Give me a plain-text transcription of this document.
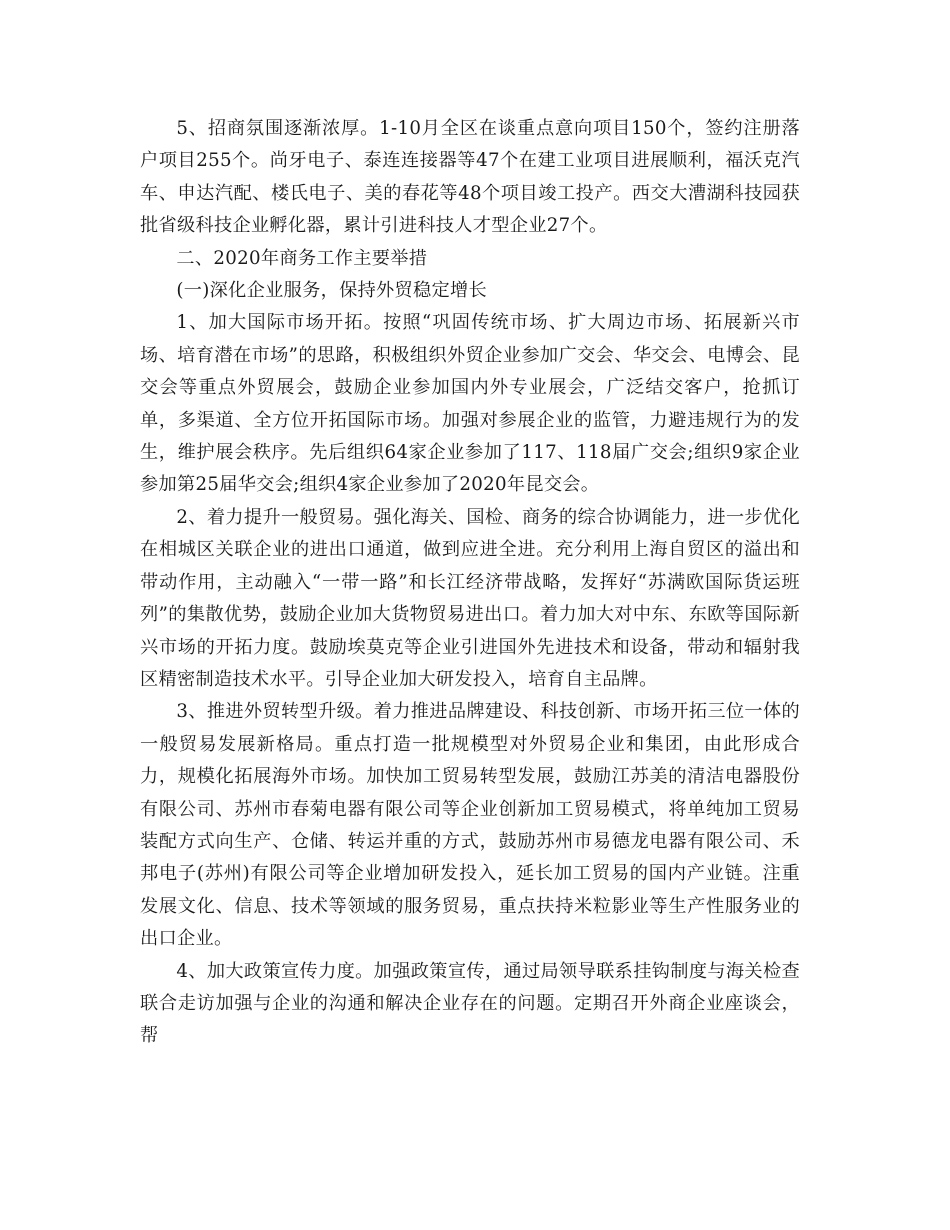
5、招商氛围逐渐浓厚。1-10月全区在谈重点意向项目150个，签约注册落户项目255个。尚牙电子、泰连连接器等47个在建工业项目进展顺利，福沃克汽车、申达汽配、楼氏电子、美的春花等48个项目竣工投产。西交大漕湖科技园获批省级科技企业孵化器，累计引进科技人才型企业27个。

二、2020年商务工作主要举措

(一)深化企业服务，保持外贸稳定增长

1、加大国际市场开拓。按照“巩固传统市场、扩大周边市场、拓展新兴市场、培育潜在市场”的思路，积极组织外贸企业参加广交会、华交会、电博会、昆交会等重点外贸展会，鼓励企业参加国内外专业展会，广泛结交客户，抢抓订单，多渠道、全方位开拓国际市场。加强对参展企业的监管，力避违规行为的发生，维护展会秩序。先后组织64家企业参加了117、118届广交会;组织9家企业参加第25届华交会;组织4家企业参加了2020年昆交会。

2、着力提升一般贸易。强化海关、国检、商务的综合协调能力，进一步优化在相城区关联企业的进出口通道，做到应进全进。充分利用上海自贸区的溢出和带动作用，主动融入“一带一路”和长江经济带战略，发挥好“苏满欧国际货运班列”的集散优势，鼓励企业加大货物贸易进出口。着力加大对中东、东欧等国际新兴市场的开拓力度。鼓励埃莫克等企业引进国外先进技术和设备，带动和辐射我区精密制造技术水平。引导企业加大研发投入，培育自主品牌。

3、推进外贸转型升级。着力推进品牌建设、科技创新、市场开拓三位一体的一般贸易发展新格局。重点打造一批规模型对外贸易企业和集团，由此形成合力，规模化拓展海外市场。加快加工贸易转型发展，鼓励江苏美的清洁电器股份有限公司、苏州市春菊电器有限公司等企业创新加工贸易模式，将单纯加工贸易装配方式向生产、仓储、转运并重的方式，鼓励苏州市易德龙电器有限公司、禾邦电子(苏州)有限公司等企业增加研发投入，延长加工贸易的国内产业链。注重发展文化、信息、技术等领域的服务贸易，重点扶持米粒影业等生产性服务业的出口企业。

4、加大政策宣传力度。加强政策宣传，通过局领导联系挂钩制度与海关检查联合走访加强与企业的沟通和解决企业存在的问题。定期召开外商企业座谈会，帮
